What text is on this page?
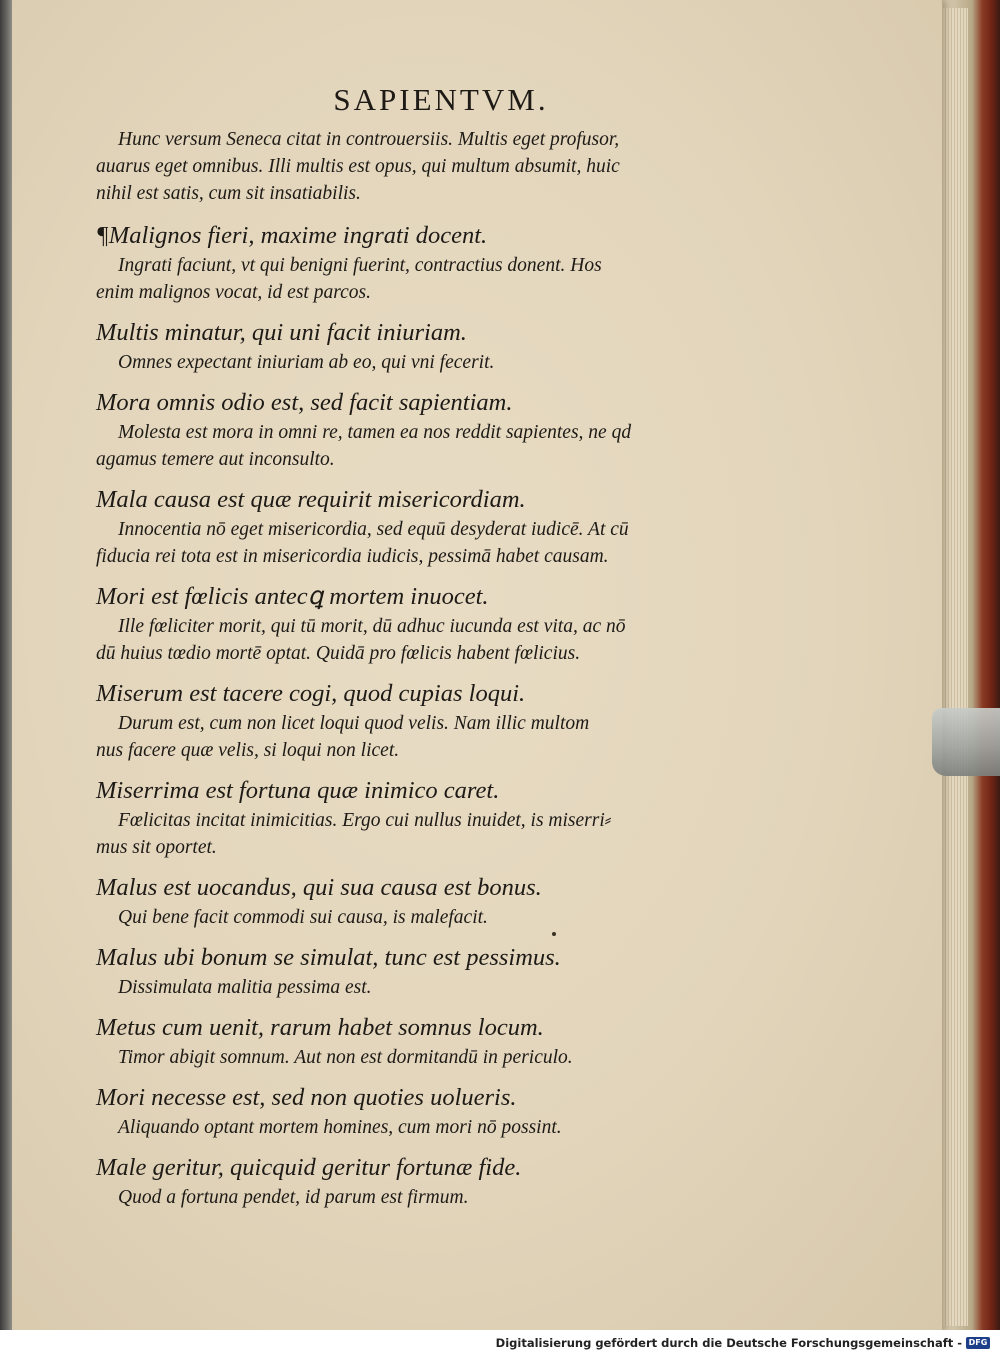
SAPIENTVM.

Hunc versum Seneca citat in controuersiis. Multis eget profusor,
auarus eget omnibus. Illi multis est opus, qui multum absumit, huic
nihil est satis, cum sit insatiabilis.

¶Malignos fieri, maxime ingrati docent.

Ingrati faciunt, vt qui benigni fuerint, contractius donent. Hos

enim malignos vocat, id est parcos.

Multis minatur, qui uni facit iniuriam.

Omnes expectant iniuriam ab eo, qui vni fecerit.

Mora omnis odio est, sed facit sapientiam.

Molesta est mora in omni re, tamen ea nos reddit sapientes, ne qd

agamus temere aut inconsulto.

Mala causa est quæ requirit misericordiam.

Innocentia nō eget misericordia, sed equū desyderat iudicē. At cū

fiducia rei tota est in misericordia iudicis, pessimā habet causam.

Mori est fœlicis antecꝗ mortem inuocet.

Ille fœliciter morit, qui tū morit, dū adhuc iucunda est vita, ac nō

dū huius tœdio mortē optat. Quidā pro fœlicis habent fœlicius.

Miserum est tacere cogi, quod cupias loqui.

Durum est, cum non licet loqui quod velis. Nam illic multom

nus facere quæ velis, si loqui non licet.

Miserrima est fortuna quæ inimico caret.

Fœlicitas incitat inimicitias. Ergo cui nullus inuidet, is miserri⸗

mus sit oportet.

Malus est uocandus, qui sua causa est bonus.

Qui bene facit commodi sui causa, is malefacit.

Malus ubi bonum se simulat, tunc est pessimus.

Dissimulata malitia pessima est.

Metus cum uenit, rarum habet somnus locum.

Timor abigit somnum. Aut non est dormitandū in periculo.

Mori necesse est, sed non quoties uolueris.

Aliquando optant mortem homines, cum mori nō possint.

Male geritur, quicquid geritur fortunæ fide.

Quod a fortuna pendet, id parum est firmum.

Digitalisierung gefördert durch die Deutsche Forschungsgemeinschaft - DFG
